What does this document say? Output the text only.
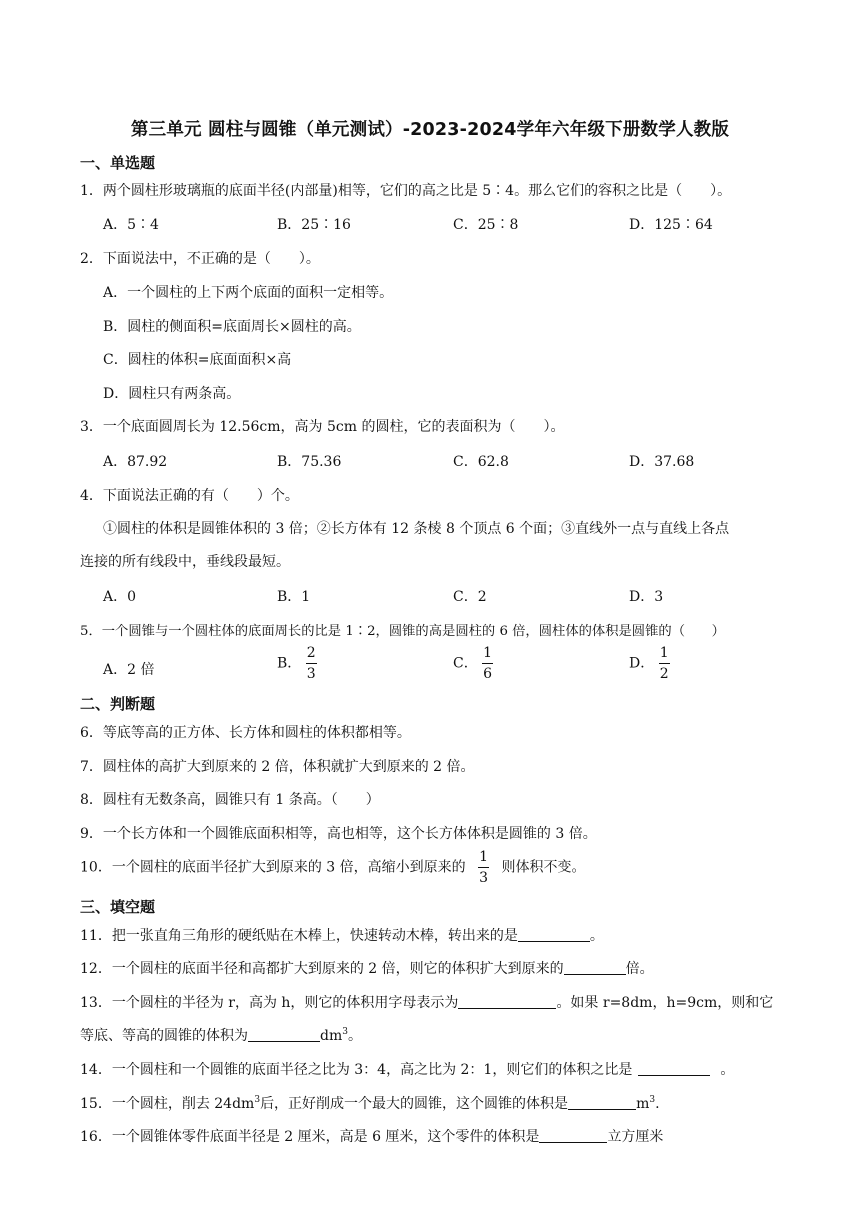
第三单元 圆柱与圆锥（单元测试）-2023-2024学年六年级下册数学人教版
一、单选题
1．两个圆柱形玻璃瓶的底面半径(内部量)相等，它们的高之比是 5∶4。那么它们的容积之比是（　　）。
A．5∶4	B．25∶16	C．25∶8	D．125∶64
2．下面说法中，不正确的是（　　）。
A．一个圆柱的上下两个底面的面积一定相等。
B．圆柱的侧面积=底面周长×圆柱的高。
C．圆柱的体积=底面面积×高
D．圆柱只有两条高。
3．一个底面圆周长为 12.56cm，高为 5cm 的圆柱，它的表面积为（　　）。
A．87.92	B．75.36	C．62.8	D．37.68
4．下面说法正确的有（　　）个。
①圆柱的体积是圆锥体积的 3 倍；②长方体有 12 条棱 8 个顶点 6 个面；③直线外一点与直线上各点
连接的所有线段中，垂线段最短。
A．0	B．1	C．2	D．3
5．一个圆锥与一个圆柱体的底面周长的比是 1∶2，圆锥的高是圆柱的 6 倍，圆柱体的体积是圆锥的（　　）
A．2 倍	B． $\frac{2}{3}$	C． $\frac{1}{6}$	D． $\frac{1}{2}$
二、判断题
6．等底等高的正方体、长方体和圆柱的体积都相等。
7．圆柱体的高扩大到原来的 2 倍，体积就扩大到原来的 2 倍。
8．圆柱有无数条高，圆锥只有 1 条高。（　　）
9．一个长方体和一个圆锥底面积相等，高也相等，这个长方体体积是圆锥的 3 倍。
10．一个圆柱的底面半径扩大到原来的 3 倍，高缩小到原来的 $\frac{1}{3}$ 则体积不变。
三、填空题
11．把一张直角三角形的硬纸贴在木棒上，快速转动木棒，转出来的是	。
12．一个圆柱的底面半径和高都扩大到原来的 2 倍，则它的体积扩大到原来的	倍。
13．一个圆柱的半径为 r，高为 h，则它的体积用字母表示为	。如果 r=8dm，h=9cm，则和它
等底、等高的圆锥的体积为	$dm^3$。
14．一个圆柱和一个圆锥的底面半径之比为 3：4，高之比为 2：1，则它们的体积之比是	。
15．一个圆柱，削去 $24dm^3$后，正好削成一个最大的圆锥，这个圆锥的体积是	$m^3$.
16．一个圆锥体零件底面半径是 2 厘米，高是 6 厘米，这个零件的体积是	立方厘米
